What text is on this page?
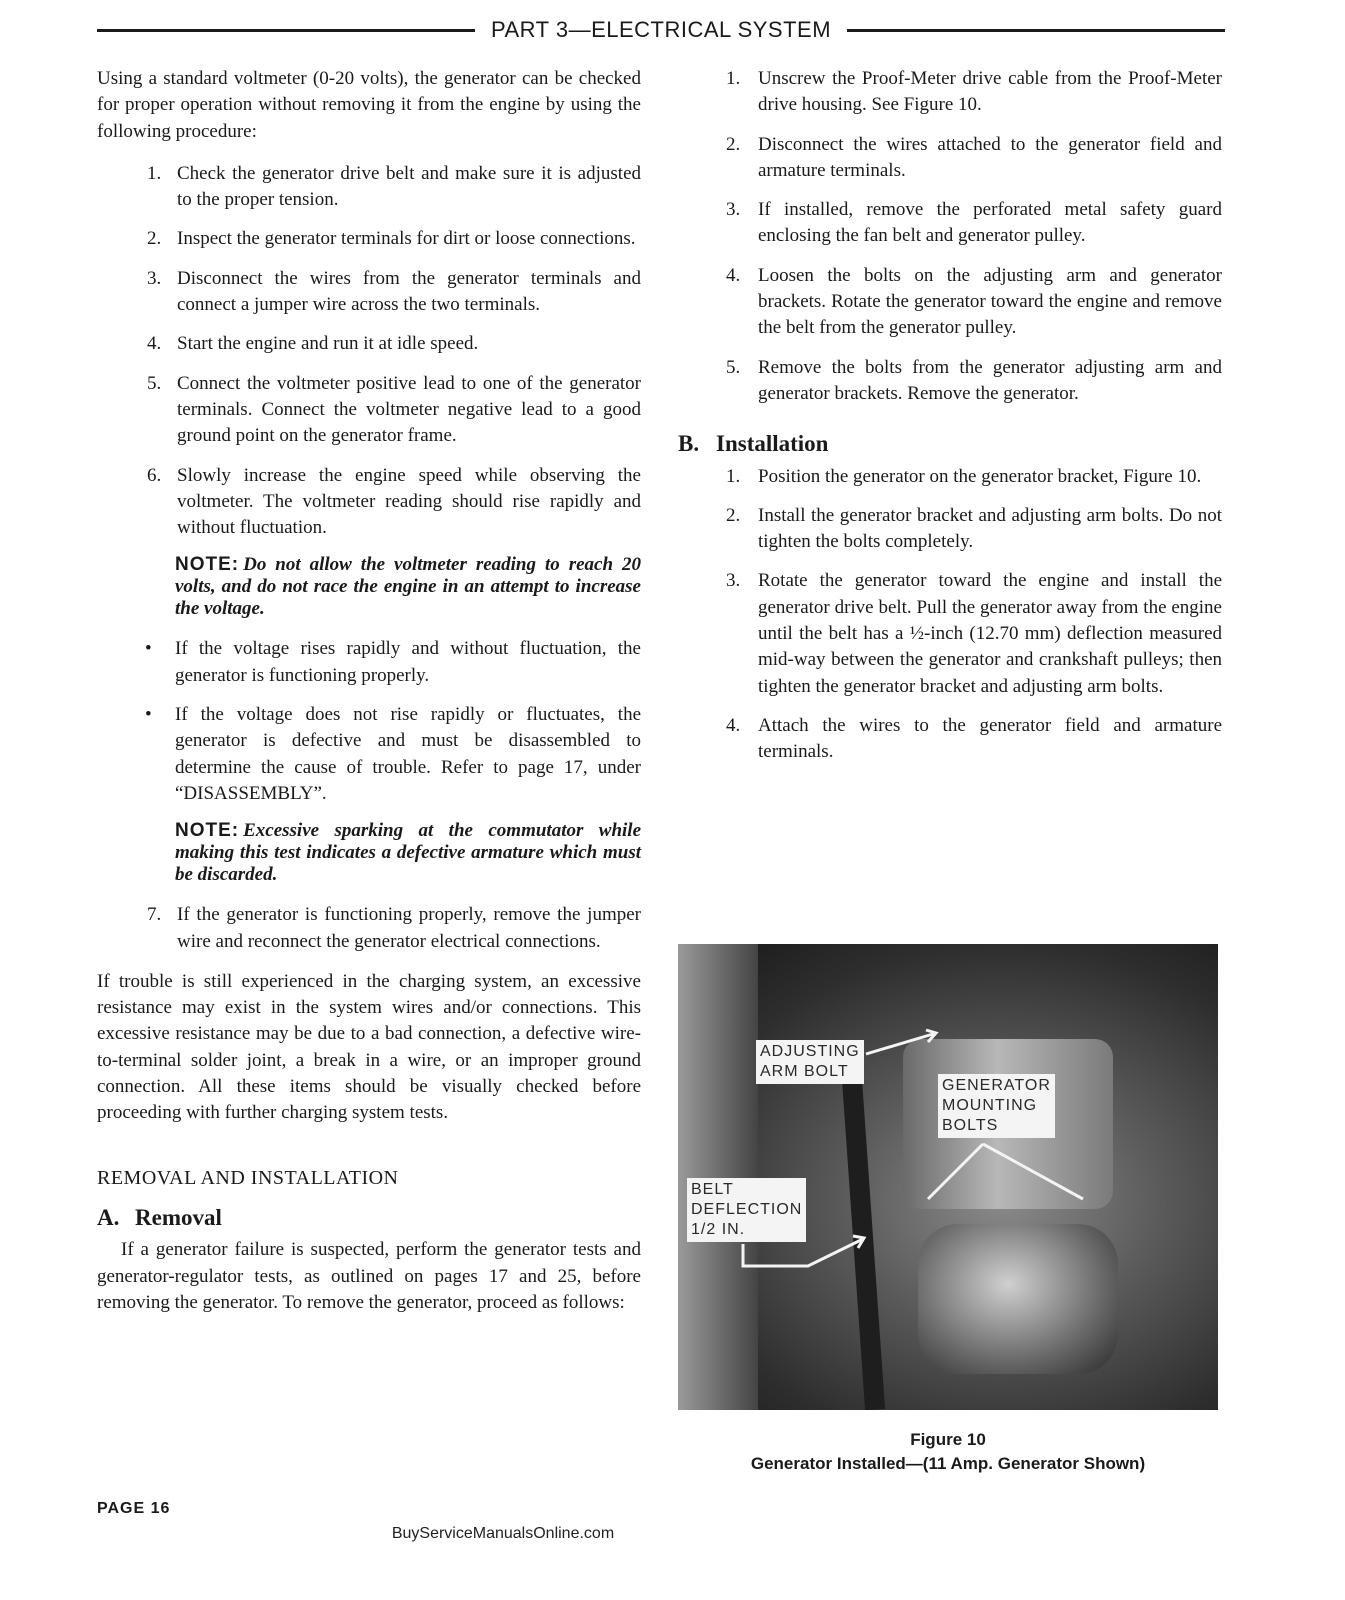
PART 3—ELECTRICAL SYSTEM

Using a standard voltmeter (0-20 volts), the generator can be checked for proper operation without removing it from the engine by using the following procedure:

1. Check the generator drive belt and make sure it is adjusted to the proper tension.
2. Inspect the generator terminals for dirt or loose connections.
3. Disconnect the wires from the generator terminals and connect a jumper wire across the two terminals.
4. Start the engine and run it at idle speed.
5. Connect the voltmeter positive lead to one of the generator terminals. Connect the voltmeter negative lead to a good ground point on the generator frame.
6. Slowly increase the engine speed while observing the voltmeter. The voltmeter reading should rise rapidly and without fluctuation.
NOTE: Do not allow the voltmeter reading to reach 20 volts, and do not race the engine in an attempt to increase the voltage.
• If the voltage rises rapidly and without fluctuation, the generator is functioning properly.
• If the voltage does not rise rapidly or fluctuates, the generator is defective and must be disassembled to determine the cause of trouble. Refer to page 17, under “DISASSEMBLY”.
NOTE: Excessive sparking at the commutator while making this test indicates a defective armature which must be discarded.
7. If the generator is functioning properly, remove the jumper wire and reconnect the generator electrical connections.

If trouble is still experienced in the charging system, an excessive resistance may exist in the system wires and/or connections. This excessive resistance may be due to a bad connection, a defective wire-to-terminal solder joint, a break in a wire, or an improper ground connection. All these items should be visually checked before proceeding with further charging system tests.

REMOVAL AND INSTALLATION
A. Removal

If a generator failure is suspected, perform the generator tests and generator-regulator tests, as outlined on pages 17 and 25, before removing the generator. To remove the generator, proceed as follows:

1. Unscrew the Proof-Meter drive cable from the Proof-Meter drive housing. See Figure 10.
2. Disconnect the wires attached to the generator field and armature terminals.
3. If installed, remove the perforated metal safety guard enclosing the fan belt and generator pulley.
4. Loosen the bolts on the adjusting arm and generator brackets. Rotate the generator toward the engine and remove the belt from the generator pulley.
5. Remove the bolts from the generator adjusting arm and generator brackets. Remove the generator.
B. Installation
1. Position the generator on the generator bracket, Figure 10.
2. Install the generator bracket and adjusting arm bolts. Do not tighten the bolts completely.
3. Rotate the generator toward the engine and install the generator drive belt. Pull the generator away from the engine until the belt has a ½-inch (12.70 mm) deflection measured mid-way between the generator and crankshaft pulleys; then tighten the generator bracket and adjusting arm bolts.
4. Attach the wires to the generator field and armature terminals.
ADJUSTING
ARM BOLT
GENERATOR
MOUNTING
BOLTS
BELT
DEFLECTION
1/2 IN.
Figure 10
Generator Installed—(11 Amp. Generator Shown)
PAGE 16
BuyServiceManualsOnline.com
